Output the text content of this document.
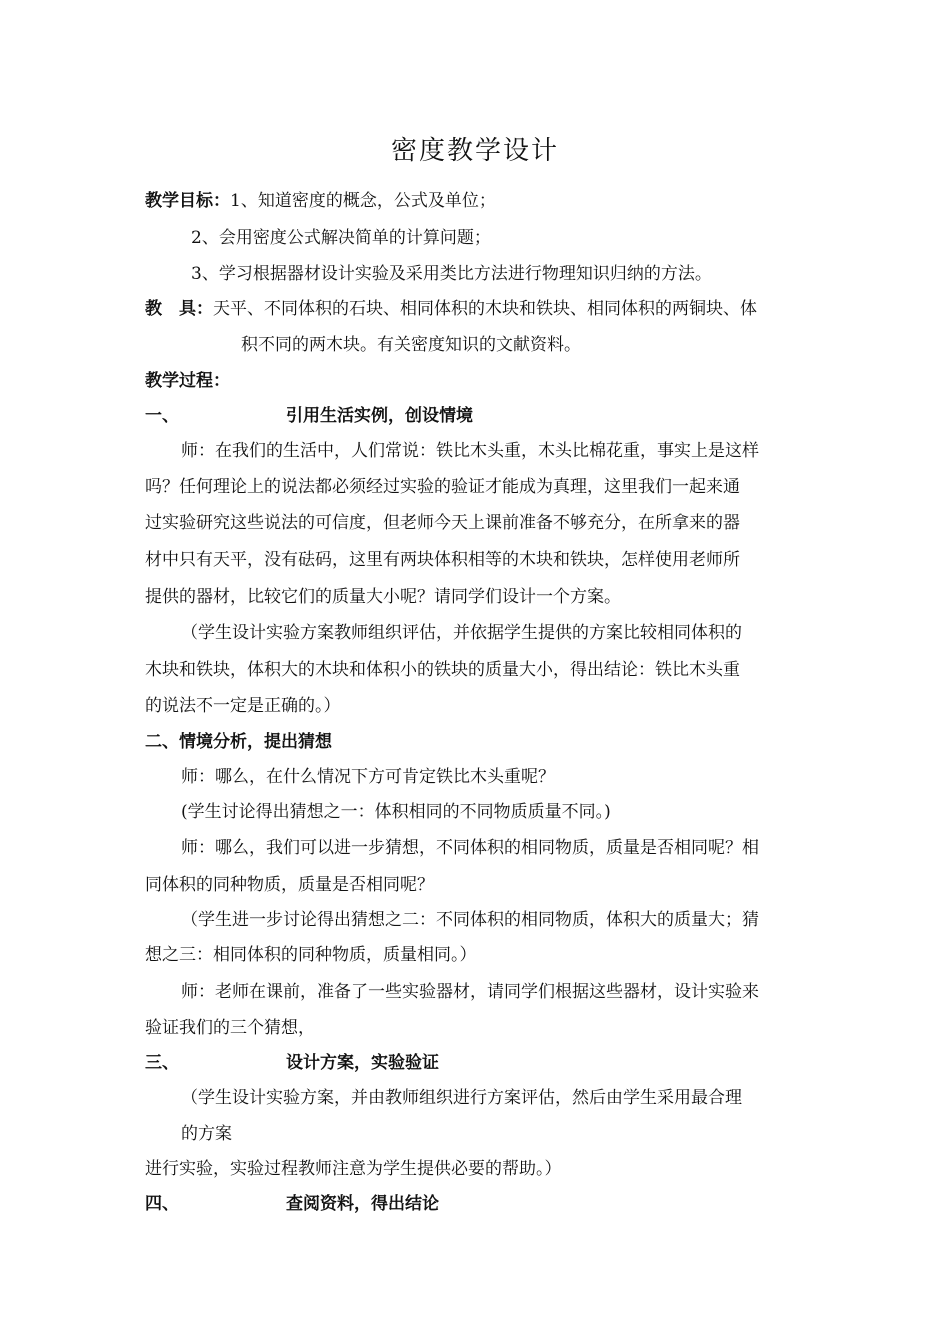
密度教学设计
教学目标：1、知道密度的概念，公式及单位；
2、会用密度公式解决简单的计算问题；
3、学习根据器材设计实验及采用类比方法进行物理知识归纳的方法。
教　具：天平、不同体积的石块、相同体积的木块和铁块、相同体积的两铜块、体
积不同的两木块。有关密度知识的文献资料。
教学过程：
一、	引用生活实例，创设情境
师：在我们的生活中，人们常说：铁比木头重，木头比棉花重，事实上是这样
吗？任何理论上的说法都必须经过实验的验证才能成为真理，这里我们一起来通
过实验研究这些说法的可信度，但老师今天上课前准备不够充分，在所拿来的器
材中只有天平，没有砝码，这里有两块体积相等的木块和铁块，怎样使用老师所
提供的器材，比较它们的质量大小呢？请同学们设计一个方案。
（学生设计实验方案教师组织评估，并依据学生提供的方案比较相同体积的
木块和铁块，体积大的木块和体积小的铁块的质量大小，得出结论：铁比木头重
的说法不一定是正确的。）
二、情境分析，提出猜想
师：哪么，在什么情况下方可肯定铁比木头重呢？
(学生讨论得出猜想之一：体积相同的不同物质质量不同。)
师：哪么，我们可以进一步猜想，不同体积的相同物质，质量是否相同呢？相
同体积的同种物质，质量是否相同呢？
（学生进一步讨论得出猜想之二：不同体积的相同物质，体积大的质量大；猜
想之三：相同体积的同种物质，质量相同。）
师：老师在课前，准备了一些实验器材，请同学们根据这些器材，设计实验来
验证我们的三个猜想，
三、	设计方案，实验验证
（学生设计实验方案，并由教师组织进行方案评估，然后由学生采用最合理
的方案
进行实验，实验过程教师注意为学生提供必要的帮助。）
四、	查阅资料，得出结论
